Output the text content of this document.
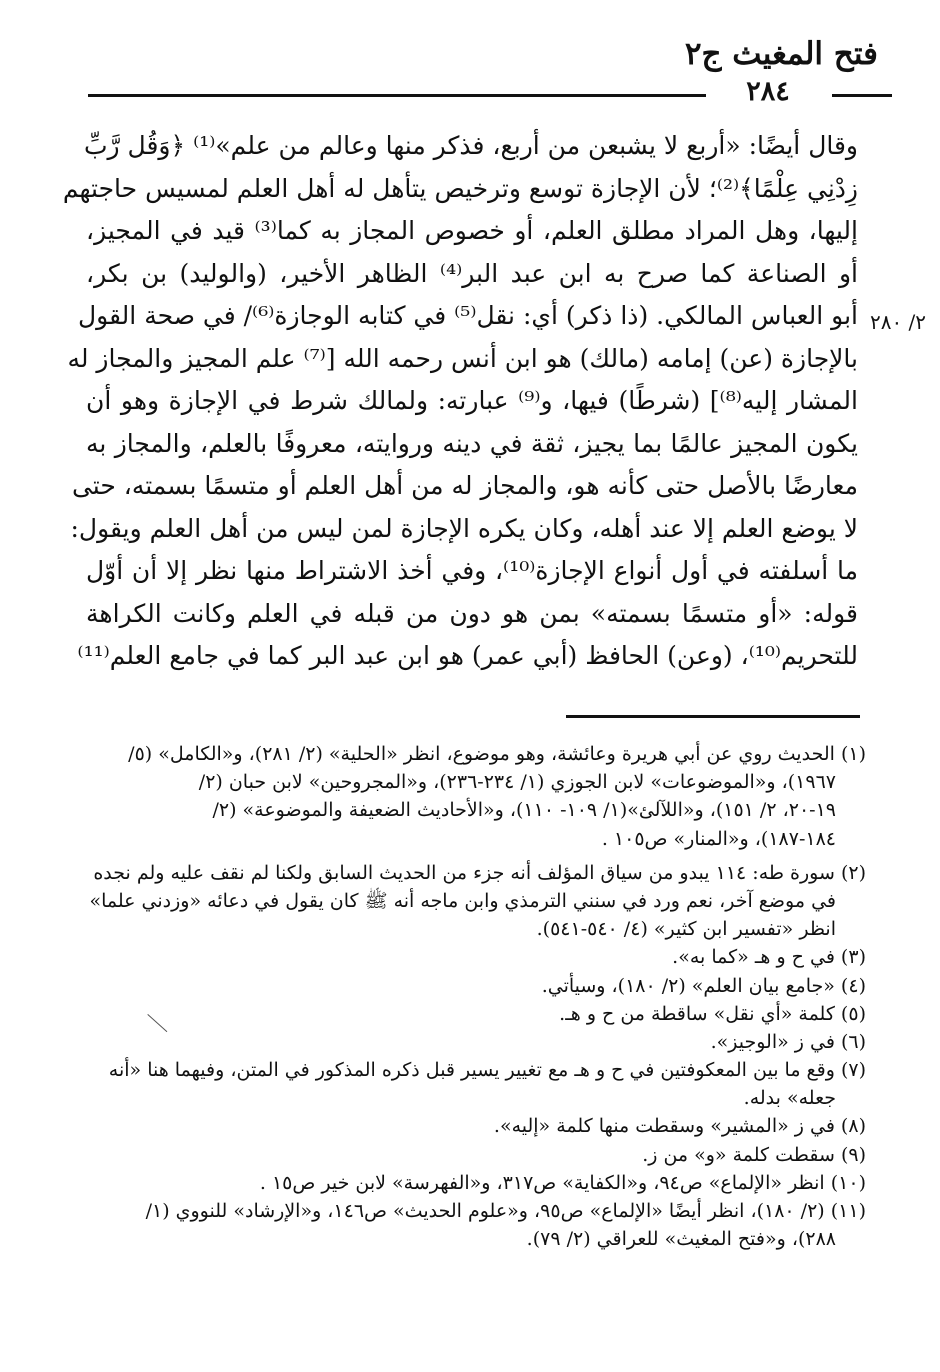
فتح المغيث ج٢
٢٨٤
٢/ ٢٨٠
وقال أيضًا: «أربع لا يشبعن من أربع، فذكر منها وعالم من علم»⁽¹⁾ ﴿وَقُل رَّبِّ
زِدْنِي عِلْمًا﴾⁽²⁾؛ لأن الإجازة توسع وترخيص يتأهل له أهل العلم لمسيس حاجتهم
إليها، وهل المراد مطلق العلم، أو خصوص المجاز به كما⁽³⁾ قيد في المجيز،
أو الصناعة كما صرح به ابن عبد البر⁽⁴⁾ الظاهر الأخير، (والوليد) بن بكر،
أبو العباس المالكي. (ذا ذكر) أي: نقل⁽⁵⁾ في كتابه الوجازة⁽⁶⁾/ في صحة القول
بالإجازة (عن) إمامه (مالك) هو ابن أنس رحمه الله [⁽⁷⁾ علم المجيز والمجاز له
المشار إليه⁽⁸⁾] (شرطًا) فيها، و⁽⁹⁾ عبارته: ولمالك شرط في الإجازة وهو أن
يكون المجيز عالمًا بما يجيز، ثقة في دينه وروايته، معروفًا بالعلم، والمجاز به
معارضًا بالأصل حتى كأنه هو، والمجاز له من أهل العلم أو متسمًا بسمته، حتى
لا يوضع العلم إلا عند أهله، وكان يكره الإجازة لمن ليس من أهل العلم ويقول:
ما أسلفته في أول أنواع الإجازة⁽¹⁰⁾، وفي أخذ الاشتراط منها نظر إلا أن أوّل
قوله: «أو متسمًا بسمته» بمن هو دون من قبله في العلم وكانت الكراهة
للتحريم⁽¹⁰⁾، (وعن) الحافظ (أبي عمر) هو ابن عبد البر كما في جامع العلم⁽¹¹⁾
(١) الحديث روي عن أبي هريرة وعائشة، وهو موضوع، انظر «الحلية» (٢/ ٢٨١)، و«الكامل» (٥/
١٩٦٧)، و«الموضوعات» لابن الجوزي (١/ ٢٣٤-٢٣٦)، و«المجروحين» لابن حبان (٢/
١٩-٢٠، ٢/ ١٥١)، و«اللآلئ»(١/ ١٠٩- ١١٠)، و«الأحاديث الضعيفة والموضوعة» (٢/
١٨٤-١٨٧)، و«المنار» ص١٠٥ .
(٢) سورة طه: ١١٤ يبدو من سياق المؤلف أنه جزء من الحديث السابق ولكنا لم نقف عليه ولم نجده
في موضع آخر، نعم ورد في سنني الترمذي وابن ماجه أنه ﷺ كان يقول في دعائه «وزدني علما»
انظر «تفسير ابن كثير» (٤/ ٥٤٠-٥٤١).
(٣) في ح و هـ «كما به».
(٤) «جامع بيان العلم» (٢/ ١٨٠)، وسيأتي.
(٥) كلمة «أي نقل» ساقطة من ح و هـ.
(٦) في ز «الوجيز».
(٧) وقع ما بين المعكوفتين في ح و هـ مع تغيير يسير قبل ذكره المذكور في المتن، وفيهما هنا «أنه
جعله» بدله.
(٨) في ز «المشير» وسقطت منها كلمة «إليه».
(٩) سقطت كلمة «و» من ز.
(١٠) انظر «الإلماع» ص٩٤، و«الكفاية» ص٣١٧، و«الفهرسة» لابن خير ص١٥ .
(١١) (٢/ ١٨٠)، انظر أيضًا «الإلماع» ص٩٥، و«علوم الحديث» ص١٤٦، و«الإرشاد» للنووي (١/
٢٨٨)، و«فتح المغيث» للعراقي (٢/ ٧٩).
